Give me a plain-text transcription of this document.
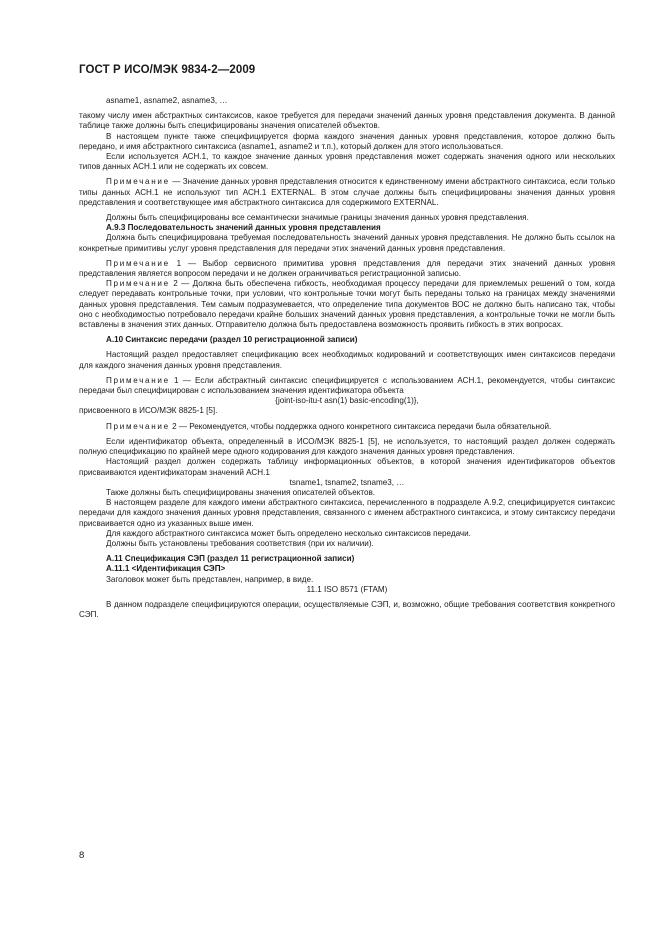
ГОСТ Р ИСО/МЭК 9834-2—2009

asname1, asname2, asname3, …

такому числу имен абстрактных синтаксисов, какое требуется для передачи значений данных уровня представления документа. В данной таблице также должны быть специфицированы значения описателей объектов.

В настоящем пункте также специфицируется форма каждого значения данных уровня представления, которое должно быть передано, и имя абстрактного синтаксиса (asname1, asname2 и т.п.), который должен для этого использоваться.

Если используется АСН.1, то каждое значение данных уровня представления может содержать значения одного или нескольких типов данных АСН.1 или не содержать их совсем.

Примечание — Значение данных уровня представления относится к единственному имени абстрактного синтаксиса, если только типы данных АСН.1 не используют тип АСН.1 EXTERNAL. В этом случае должны быть специфицированы значения данных уровня представления и соответствующее имя абстрактного синтаксиса для содержимого EXTERNAL.

Должны быть специфицированы все семантически значимые границы значения данных уровня представления.

А.9.3 Последовательность значений данных уровня представления

Должна быть специфицирована требуемая последовательность значений данных уровня представления. Не должно быть ссылок на конкретные примитивы услуг уровня представления для передачи этих значений данных уровня представления.

Примечание 1 — Выбор сервисного примитива уровня представления для передачи этих значений данных уровня представления является вопросом передачи и не должен ограничиваться регистрационной записью.

Примечание 2 — Должна быть обеспечена гибкость, необходимая процессу передачи для приемлемых решений о том, когда следует передавать контрольные точки, при условии, что контрольные точки могут быть переданы только на границах между значениями данных уровня представления. Тем самым подразумевается, что определение типа документов ВОС не должно быть написано так, чтобы оно с необходимостью потребовало передачи крайне больших значений данных уровня представления, а контрольные точки не могли быть вставлены в значения этих данных. Отправителю должна быть предоставлена возможность проявить гибкость в этих вопросах.

А.10 Синтаксис передачи (раздел 10 регистрационной записи)

Настоящий раздел предоставляет спецификацию всех необходимых кодирований и соответствующих имен синтаксисов передачи для каждого значения данных уровня представления.

Примечание 1 — Если абстрактный синтаксис специфицируется с использованием АСН.1, рекомендуется, чтобы синтаксис передачи был специфицирован с использованием значения идентификатора объекта

{joint-iso-itu-t asn(1) basic-encoding(1)},

присвоенного в ИСО/МЭК 8825-1 [5].

Примечание 2 — Рекомендуется, чтобы поддержка одного конкретного синтаксиса передачи была обязательной.

Если идентификатор объекта, определенный в ИСО/МЭК 8825-1 [5], не используется, то настоящий раздел должен содержать полную спецификацию по крайней мере одного кодирования для каждого значения данных уровня представления.

Настоящий раздел должен содержать таблицу информационных объектов, в которой значения идентификаторов объектов присваиваются идентификаторам значений АСН.1

tsname1, tsname2, tsname3, …

Также должны быть специфицированы значения описателей объектов.

В настоящем разделе для каждого имени абстрактного синтаксиса, перечисленного в подразделе А.9.2, специфицируется синтаксис передачи для каждого значения данных уровня представления, связанного с именем абстрактного синтаксиса, и этому синтаксису передачи присваивается одно из указанных выше имен.

Для каждого абстрактного синтаксиса может быть определено несколько синтаксисов передачи.

Должны быть установлены требования соответствия (при их наличии).

А.11 Спецификация СЭП (раздел 11 регистрационной записи)

А.11.1 <Идентификация СЭП>

Заголовок может быть представлен, например, в виде.

11.1 ISO 8571 (FTAM)

В данном подразделе специфицируются операции, осуществляемые СЭП, и, возможно, общие требования соответствия конкретного СЭП.

8
